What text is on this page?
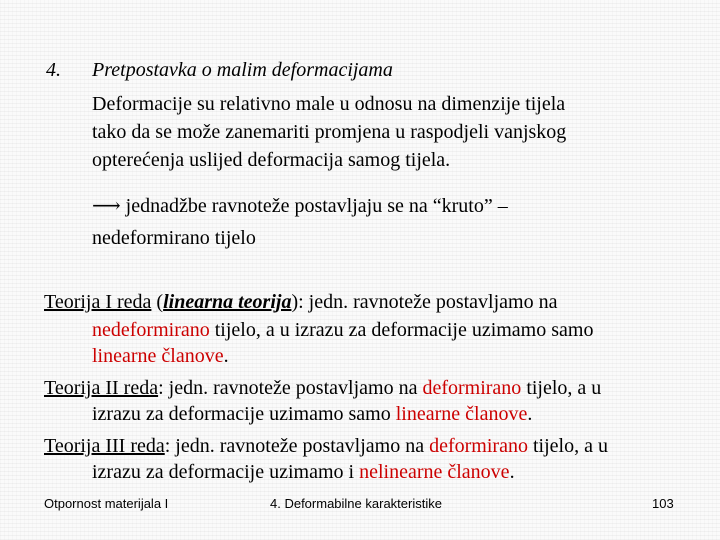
4. Pretpostavka o malim deformacijama
Deformacije su relativno male u odnosu na dimenzije tijela
tako da se može zanemariti promjena u raspodjeli vanjskog
opterećenja uslijed deformacija samog tijela.
⟶ jednadžbe ravnoteže postavljaju se na “kruto” –
nedeformirano tijelo
Teorija I reda (linearna teorija): jedn. ravnoteže postavljamo na
nedeformirano tijelo, a u izrazu za deformacije uzimamo samo
linearne članove.
Teorija II reda: jedn. ravnoteže postavljamo na deformirano tijelo, a u
izrazu za deformacije uzimamo samo linearne članove.
Teorija III reda: jedn. ravnoteže postavljamo na deformirano tijelo, a u
izrazu za deformacije uzimamo i nelinearne članove.
Otpornost materijala I	4. Deformabilne karakteristike	103
